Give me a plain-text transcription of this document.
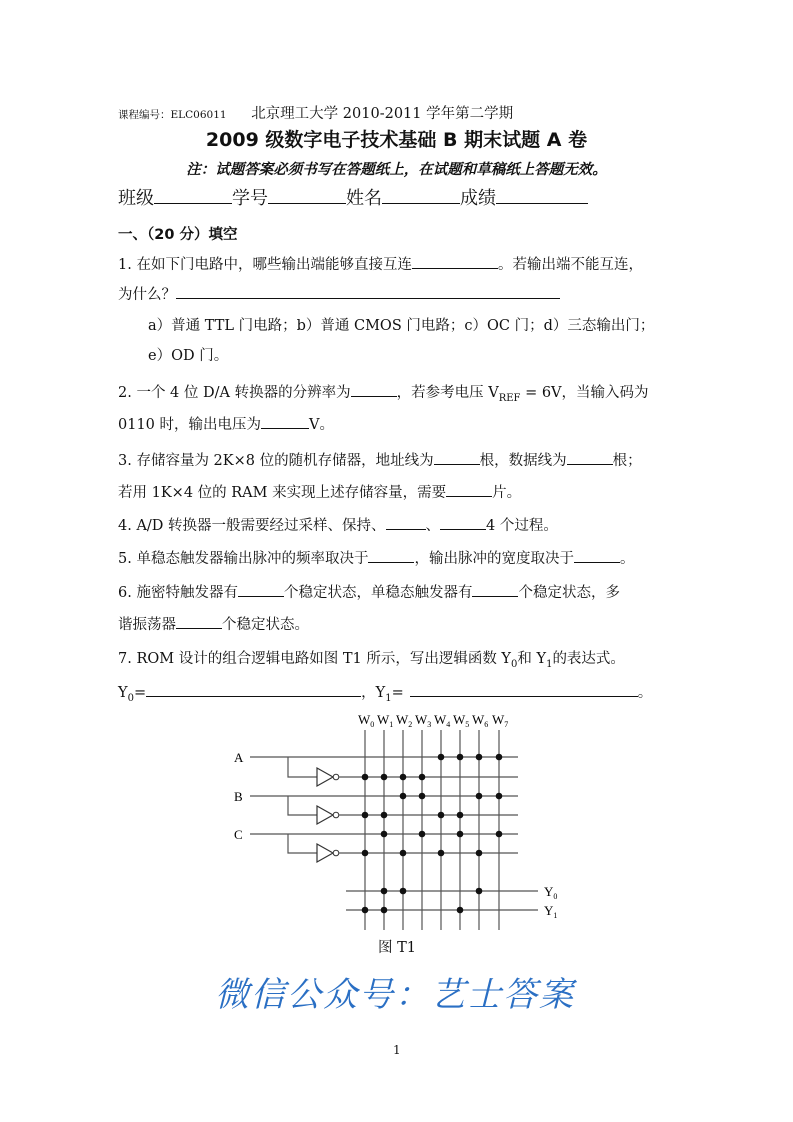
课程编号：ELC06011 北京理工大学 2010-2011 学年第二学期
2009 级数字电子技术基础 B 期末试题 A 卷
注：试题答案必须书写在答题纸上，在试题和草稿纸上答题无效。
班级	学号	姓名	成绩
一、（20 分）填空
1. 在如下门电路中，哪些输出端能够直接互连	。若输出端不能互连，
为什么？
a）普通 TTL 门电路；b）普通 CMOS 门电路；c）OC 门；d）三态输出门；
e）OD 门。
2. 一个 4 位 D/A 转换器的分辨率为	，若参考电压 $V_{REF} = 6V$，当输入码为
0110 时，输出电压为	V。
3. 存储容量为 2K×8 位的随机存储器，地址线为	根，数据线为	根；
若用 1K×4 位的 RAM 来实现上述存储容量，需要	片。
4. A/D 转换器一般需要经过采样、保持、	、	4 个过程。
5. 单稳态触发器输出脉冲的频率取决于	，输出脉冲的宽度取决于	。
6. 施密特触发器有	个稳定状态，单稳态触发器有	个稳定状态，多
谐振荡器	个稳定状态。
7. ROM 设计的组合逻辑电路如图 T1 所示，写出逻辑函数 $Y_0$和 $Y_1$的表达式。
$Y_0=$	，$Y_1=$	。
$W_0$ $W_1$ $W_2$ $W_3$ $W_4$ $W_5$ $W_6$ $W_7$
A
B
C
$Y_0$
$Y_1$
图 T1
微信公众号：艺士答案
1
